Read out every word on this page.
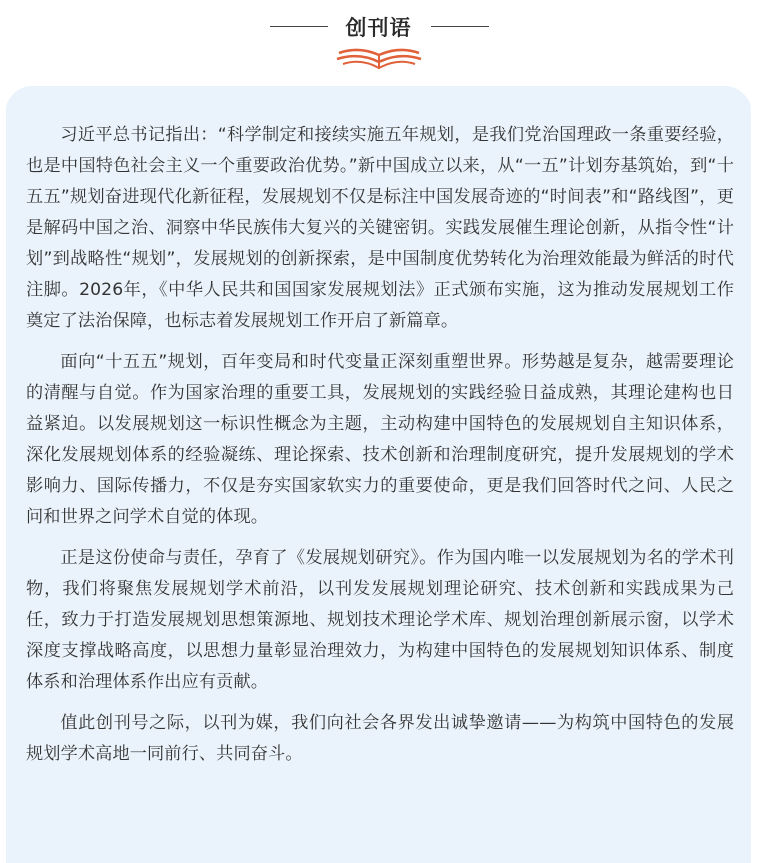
创刊语

习近平总书记指出：“科学制定和接续实施五年规划，是我们党治国理政一条重要经验，也是中国特色社会主义一个重要政治优势。”新中国成立以来，从“一五”计划夯基筑始，到“十五五”规划奋进现代化新征程，发展规划不仅是标注中国发展奇迹的“时间表”和“路线图”，更是解码中国之治、洞察中华民族伟大复兴的关键密钥。实践发展催生理论创新，从指令性“计划”到战略性“规划”，发展规划的创新探索，是中国制度优势转化为治理效能最为鲜活的时代注脚。2026年，《中华人民共和国国家发展规划法》正式颁布实施，这为推动发展规划工作奠定了法治保障，也标志着发展规划工作开启了新篇章。

面向“十五五”规划，百年变局和时代变量正深刻重塑世界。形势越是复杂，越需要理论的清醒与自觉。作为国家治理的重要工具，发展规划的实践经验日益成熟，其理论建构也日益紧迫。以发展规划这一标识性概念为主题，主动构建中国特色的发展规划自主知识体系，深化发展规划体系的经验凝练、理论探索、技术创新和治理制度研究，提升发展规划的学术影响力、国际传播力，不仅是夯实国家软实力的重要使命，更是我们回答时代之问、人民之问和世界之问学术自觉的体现。

正是这份使命与责任，孕育了《发展规划研究》。作为国内唯一以发展规划为名的学术刊物，我们将聚焦发展规划学术前沿，以刊发发展规划理论研究、技术创新和实践成果为己任，致力于打造发展规划思想策源地、规划技术理论学术库、规划治理创新展示窗，以学术深度支撑战略高度，以思想力量彰显治理效力，为构建中国特色的发展规划知识体系、制度体系和治理体系作出应有贡献。

值此创刊号之际，以刊为媒，我们向社会各界发出诚挚邀请——为构筑中国特色的发展规划学术高地一同前行、共同奋斗。
